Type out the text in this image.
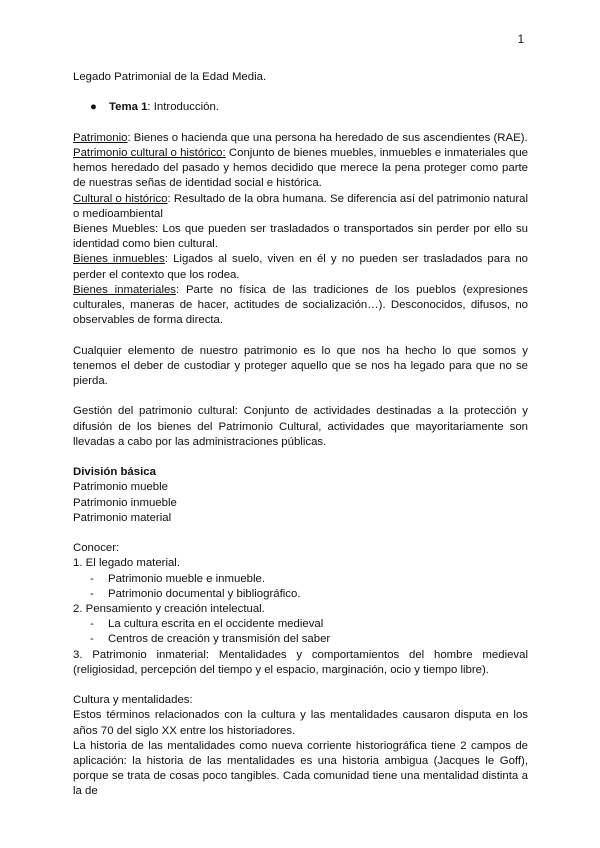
1

Legado Patrimonial de la Edad Media.

● Tema 1: Introducción.

Patrimonio: Bienes o hacienda que una persona ha heredado de sus ascendientes (RAE).

Patrimonio cultural o histórico: Conjunto de bienes muebles, inmuebles e inmateriales que hemos heredado del pasado y hemos decidido que merece la pena proteger como parte de nuestras señas de identidad social e histórica.

Cultural o histórico: Resultado de la obra humana. Se diferencia así del patrimonio natural o medioambiental

Bienes Muebles: Los que pueden ser trasladados o transportados sin perder por ello su identidad como bien cultural.

Bienes inmuebles: Ligados al suelo, viven en él y no pueden ser trasladados para no perder el contexto que los rodea.

Bienes inmateriales: Parte no física de las tradiciones de los pueblos (expresiones culturales, maneras de hacer, actitudes de socialización…). Desconocidos, difusos, no observables de forma directa.

Cualquier elemento de nuestro patrimonio es lo que nos ha hecho lo que somos y tenemos el deber de custodiar y proteger aquello que se nos ha legado para que no se pierda.

Gestión del patrimonio cultural: Conjunto de actividades destinadas a la protección y difusión de los bienes del Patrimonio Cultural, actividades que mayoritariamente son llevadas a cabo por las administraciones públicas.

División básica

Patrimonio mueble

Patrimonio inmueble

Patrimonio material

Conocer:

1. El legado material.

- Patrimonio mueble e inmueble.

- Patrimonio documental y bibliográfico.

2. Pensamiento y creación intelectual.

- La cultura escrita en el occidente medieval

- Centros de creación y transmisión del saber

3. Patrimonio inmaterial: Mentalidades y comportamientos del hombre medieval (religiosidad, percepción del tiempo y el espacio, marginación, ocio y tiempo libre).

Cultura y mentalidades:

Estos términos relacionados con la cultura y las mentalidades causaron disputa en los años 70 del siglo XX entre los historiadores.

La historia de las mentalidades como nueva corriente historiográfica tiene 2 campos de aplicación: la historia de las mentalidades es una historia ambigua (Jacques le Goff), porque se trata de cosas poco tangibles. Cada comunidad tiene una mentalidad distinta a la de
